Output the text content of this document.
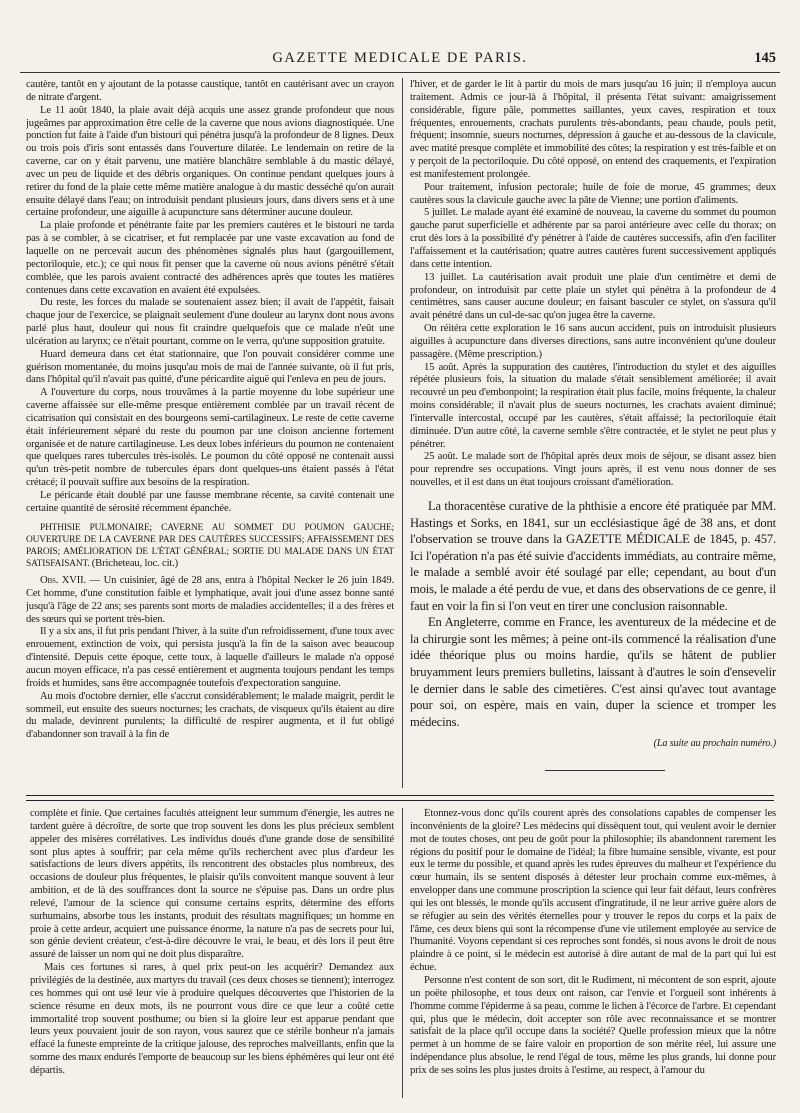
GAZETTE MEDICALE DE PARIS.	145

cautère, tantôt en y ajoutant de la potasse caustique, tantôt en cautérisant avec un crayon de nitrate d'argent.

Le 11 août 1840, la plaie avait déjà acquis une assez grande profondeur que nous jugeâmes par approximation être celle de la caverne que nous avions diagnostiquée. Une ponction fut faite à l'aide d'un bistouri qui pénétra jusqu'à la profondeur de 8 lignes. Deux ou trois pois d'iris sont entassés dans l'ouverture dilatée. Le lendemain on retire de la caverne, car on y était parvenu, une matière blanchâtre semblable à du mastic délayé, avec un peu de liquide et des débris organiques. On continue pendant quelques jours à retirer du fond de la plaie cette même matière analogue à du mastic desséché qu'on aurait ensuite délayé dans l'eau; on introduisit pendant plusieurs jours, dans divers sens et à une certaine profondeur, une aiguille à acupuncture sans déterminer aucune douleur.

La plaie profonde et pénétrante faite par les premiers cautères et le bistouri ne tarda pas à se combler, à se cicatriser, et fut remplacée par une vaste excavation au fond de laquelle on ne percevait aucun des phénomènes signalés plus haut (gargouillement, pectoriloquie, etc.); ce qui nous fit penser que la caverne où nous avions pénétré s'était comblée, que les parois avaient contracté des adhérences après que toutes les matières contenues dans cette excavation en avaient été expulsées.

Du reste, les forces du malade se soutenaient assez bien; il avait de l'appétit, faisait chaque jour de l'exercice, se plaignait seulement d'une douleur au larynx dont nous avons parlé plus haut, douleur qui nous fit craindre quelquefois que ce malade n'eût une ulcération au larynx; ce n'était pourtant, comme on le verra, qu'une supposition gratuite.

Huard demeura dans cet état stationnaire, que l'on pouvait considérer comme une guérison momentanée, du moins jusqu'au mois de mai de l'année suivante, où il fut pris, dans l'hôpital qu'il n'avait pas quitté, d'une péricardite aiguë qui l'enleva en peu de jours.

A l'ouverture du corps, nous trouvâmes à la partie moyenne du lobe supérieur une caverne affaissée sur elle-même presque entièrement comblée par un travail récent de cicatrisation qui consistait en des bourgeons semi-cartilagineux. Le reste de cette caverne était inférieurement séparé du reste du poumon par une cloison ancienne fortement organisée et de nature cartilagineuse. Les deux lobes inférieurs du poumon ne contenaient que quelques rares tubercules très-isolés. Le poumon du côté opposé ne contenait aussi qu'un très-petit nombre de tubercules épars dont quelques-uns étaient passés à l'état crétacé; il pouvait suffire aux besoins de la respiration.

Le péricarde était doublé par une fausse membrane récente, sa cavité contenait une certaine quantité de sérosité récemment épanchée.

PHTHISIE PULMONAIRE; CAVERNE AU SOMMET DU POUMON GAUCHE; OUVERTURE DE LA CAVERNE PAR DES CAUTÈRES SUCCESSIFS; AFFAISSEMENT DES PAROIS; AMÉLIORATION DE L'ÉTAT GÉNÉRAL; SORTIE DU MALADE DANS UN ÉTAT SATISFAISANT. (Bricheteau, loc. cit.)

Obs. XVII. — Un cuisinier, âgé de 28 ans, entra à l'hôpital Necker le 26 juin 1849. Cet homme, d'une constitution faible et lymphatique, avait joui d'une assez bonne santé jusqu'à l'âge de 22 ans; ses parents sont morts de maladies accidentelles; il a des frères et des sœurs qui se portent très-bien.

Il y a six ans, il fut pris pendant l'hiver, à la suite d'un refroidissement, d'une toux avec enrouement, extinction de voix, qui persista jusqu'à la fin de la saison avec beaucoup d'intensité. Depuis cette époque, cette toux, à laquelle d'ailleurs le malade n'a opposé aucun moyen efficace, n'a pas cessé entièrement et augmenta toujours pendant les temps froids et humides, sans être accompagnée toutefois d'expectoration sanguine.

Au mois d'octobre dernier, elle s'accrut considérablement; le malade maigrit, perdit le sommeil, eut ensuite des sueurs nocturnes; les crachats, de visqueux qu'ils étaient au dire du malade, devinrent purulents; la difficulté de respirer augmenta, et il fut obligé d'abandonner son travail à la fin de

l'hiver, et de garder le lit à partir du mois de mars jusqu'au 16 juin; il n'employa aucun traitement. Admis ce jour-là à l'hôpital, il présenta l'état suivant: amaigrissement considérable, figure pâle, pommettes saillantes, yeux caves, respiration et toux fréquentes, enrouements, crachats purulents très-abondants, peau chaude, pouls petit, fréquent; insomnie, sueurs nocturnes, dépression à gauche et au-dessous de la clavicule, avec matité presque complète et immobilité des côtes; la respiration y est très-faible et on y perçoit de la pectoriloquie. Du côté opposé, on entend des craquements, et l'expiration est manifestement prolongée.

Pour traitement, infusion pectorale; huile de foie de morue, 45 grammes; deux cautères sous la clavicule gauche avec la pâte de Vienne; une portion d'aliments.

5 juillet. Le malade ayant été examiné de nouveau, la caverne du sommet du poumon gauche parut superficielle et adhérente par sa paroi antérieure avec celle du thorax; on crut dès lors à la possibilité d'y pénétrer à l'aide de cautères successifs, afin d'en faciliter l'affaissement et la cautérisation; quatre autres cautères furent successivement appliqués dans cette intention.

13 juillet. La cautérisation avait produit une plaie d'un centimètre et demi de profondeur, on introduisit par cette plaie un stylet qui pénétra à la profondeur de 4 centimètres, sans causer aucune douleur; en faisant basculer ce stylet, on s'assura qu'il avait pénétré dans un cul-de-sac qu'on jugea être la caverne.

On réitéra cette exploration le 16 sans aucun accident, puis on introduisit plusieurs aiguilles à acupuncture dans diverses directions, sans autre inconvénient qu'une douleur passagère. (Même prescription.)

15 août. Après la suppuration des cautères, l'introduction du stylet et des aiguilles répétée plusieurs fois, la situation du malade s'était sensiblement améliorée; il avait recouvré un peu d'embonpoint; la respiration était plus facile, moins fréquente, la chaleur moins considérable; il n'avait plus de sueurs nocturnes, les crachats avaient diminué; l'intervalle intercostal, occupé par les cautères, s'était affaissé; la pectoriloquie était diminuée. D'un autre côté, la caverne semble s'être contractée, et le stylet ne peut plus y pénétrer.

25 août. Le malade sort de l'hôpital après deux mois de séjour, se disant assez bien pour reprendre ses occupations. Vingt jours après, il est venu nous donner de ses nouvelles, et il est dans un état toujours croissant d'amélioration.

La thoracentèse curative de la phthisie a encore été pratiquée par MM. Hastings et Sorks, en 1841, sur un ecclésiastique âgé de 38 ans, et dont l'observation se trouve dans la GAZETTE MÉDICALE de 1845, p. 457. Ici l'opération n'a pas été suivie d'accidents immédiats, au contraire même, le malade a semblé avoir été soulagé par elle; cependant, au bout d'un mois, le malade a été perdu de vue, et dans des observations de ce genre, il faut en voir la fin si l'on veut en tirer une conclusion raisonnable.

En Angleterre, comme en France, les aventureux de la médecine et de la chirurgie sont les mêmes; à peine ont-ils commencé la réalisation d'une idée théorique plus ou moins hardie, qu'ils se hâtent de publier bruyamment leurs premiers bulletins, laissant à d'autres le soin d'ensevelir le dernier dans le sable des cimetières. C'est ainsi qu'avec tout avantage pour soi, on espère, mais en vain, duper la science et tromper les médecins.

(La suite au prochain numéro.)

complète et finie. Que certaines facultés atteignent leur summum d'énergie, les autres ne tardent guère à décroître, de sorte que trop souvent les dons les plus précieux semblent appeler des misères corrélatives. Les individus doués d'une grande dose de sensibilité sont plus aptes à souffrir; par cela même qu'ils recherchent avec plus d'ardeur les satisfactions de leurs divers appétits, ils rencontrent des obstacles plus nombreux, des occasions de douleur plus fréquentes, le plaisir qu'ils convoitent manque souvent à leur ambition, et de là des souffrances dont la source ne s'épuise pas. Dans un ordre plus relevé, l'amour de la science qui consume certains esprits, détermine des efforts surhumains, absorbe tous les instants, produit des résultats magnifiques; un homme en proie à cette ardeur, acquiert une puissance énorme, la nature n'a pas de secrets pour lui, son génie devient créateur, c'est-à-dire découvre le vrai, le beau, et dès lors il peut être assuré de laisser un nom qui ne doit plus disparaître.

Mais ces fortunes si rares, à quel prix peut-on les acquérir? Demandez aux privilégiés de la destinée, aux martyrs du travail (ces deux choses se tiennent); interrogez ces hommes qui ont usé leur vie à produire quelques découvertes que l'historien de la science résume en deux mots, ils ne pourront vous dire ce que leur a coûté cette immortalité trop souvent posthume; ou bien si la gloire leur est apparue pendant que leurs yeux pouvaient jouir de son rayon, vous saurez que ce stérile bonheur n'a jamais effacé la funeste empreinte de la critique jalouse, des reproches malveillants, enfin que la somme des maux endurés l'emporte de beaucoup sur les biens éphémères qui leur ont été départis.

Étonnez-vous donc qu'ils courent après des consolations capables de compenser les inconvénients de la gloire? Les médecins qui dissèquent tout, qui veulent avoir le dernier mot de toutes choses, ont peu de goût pour la philosophie; ils abandonnent rarement les régions du positif pour le domaine de l'idéal; la fibre humaine sensible, vivante, est pour eux le terme du possible, et quand après les rudes épreuves du malheur et l'expérience du cœur humain, ils se sentent disposés à détester leur prochain comme eux-mêmes, à envelopper dans une commune proscription la science qui leur fait défaut, leurs confrères qui les ont blessés, le monde qu'ils accusent d'ingratitude, il ne leur arrive guère alors de se réfugier au sein des vérités éternelles pour y trouver le repos du corps et la paix de l'âme, ces deux biens qui sont la récompense d'une vie utilement employée au service de l'humanité. Voyons cependant si ces reproches sont fondés, si nous avons le droit de nous plaindre à ce point, si le médecin est autorisé à dire autant de mal de la part qui lui est échue.

Personne n'est content de son sort, dit le Rudiment, ni mécontent de son esprit, ajoute un poëte philosophe, et tous deux ont raison, car l'envie et l'orgueil sont inhérents à l'homme comme l'épiderme à sa peau, comme le lichen à l'écorce de l'arbre. Et cependant qui, plus que le médecin, doit accepter son rôle avec reconnaissance et se montrer satisfait de la place qu'il occupe dans la société? Quelle profession mieux que la nôtre permet à un homme de se faire valoir en proportion de son mérite réel, lui assure une indépendance plus absolue, le rend l'égal de tous, même les plus grands, lui donne pour prix de ses soins les plus justes droits à l'estime, au respect, à l'amour du
